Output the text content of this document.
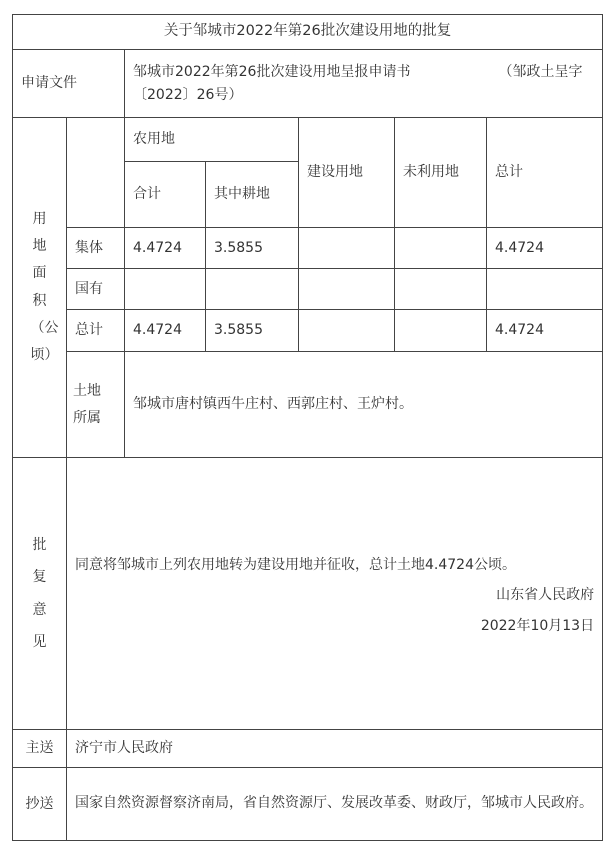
关于邹城市2022年第26批次建设用地的批复						
申请文件		邹城市2022年第26批次建设用地呈报申请书 （邹政土呈字〔2022〕26号）				
用地面积（公顷）		农用地		建设用地	未利用地	总计
		合计	其中耕地			
	集体	4.4724	3.5855			4.4724
	国有					
	总计	4.4724	3.5855			4.4724
	土地所属	邹城市唐村镇西牛庄村、西郭庄村、王炉村。				

批复意见	同意将邹城市上列农用地转为建设用地并征收，总计土地4.4724公顷。

山东省人民政府

2022年10月13日					

主送	济宁市人民政府					
抄送	国家自然资源督察济南局，省自然资源厅、发展改革委、财政厅，邹城市人民政府。					
